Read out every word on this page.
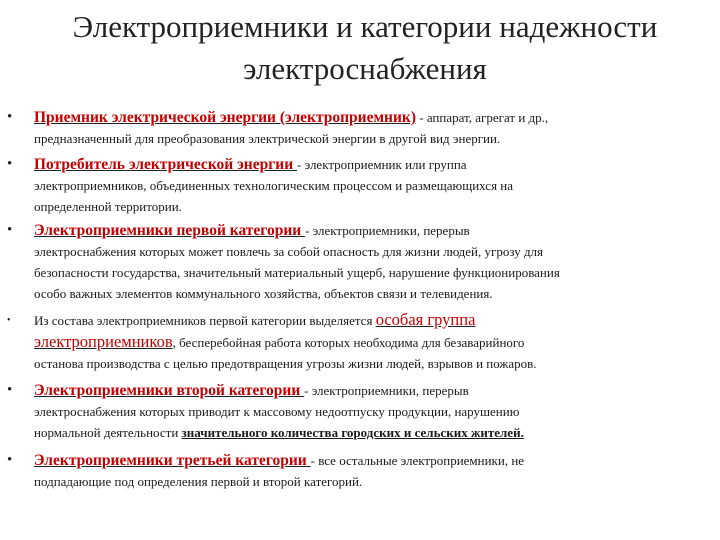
Электроприемники и категории надежности
электроснабжения
• Приемник электрической энергии (электроприемник) - аппарат, агрегат и др.,
предназначенный для преобразования электрической энергии в другой вид энергии.
• Потребитель электрической энергии - электроприемник или группа
электроприемников, объединенных технологическим процессом и размещающихся на
определенной территории.
• Электроприемники первой категории - электроприемники, перерыв
электроснабжения которых может повлечь за собой опасность для жизни людей, угрозу для
безопасности государства, значительный материальный ущерб, нарушение функционирования
особо важных элементов коммунального хозяйства, объектов связи и телевидения.
• Из состава электроприемников первой категории выделяется особая группа
электроприемников, бесперебойная работа которых необходима для безаварийного
останова производства с целью предотвращения угрозы жизни людей, взрывов и пожаров.
• Электроприемники второй категории - электроприемники, перерыв
электроснабжения которых приводит к массовому недоотпуску продукции, нарушению
нормальной деятельности значительного количества городских и сельских жителей.
• Электроприемники третьей категории - все остальные электроприемники, не
подпадающие под определения первой и второй категорий.
